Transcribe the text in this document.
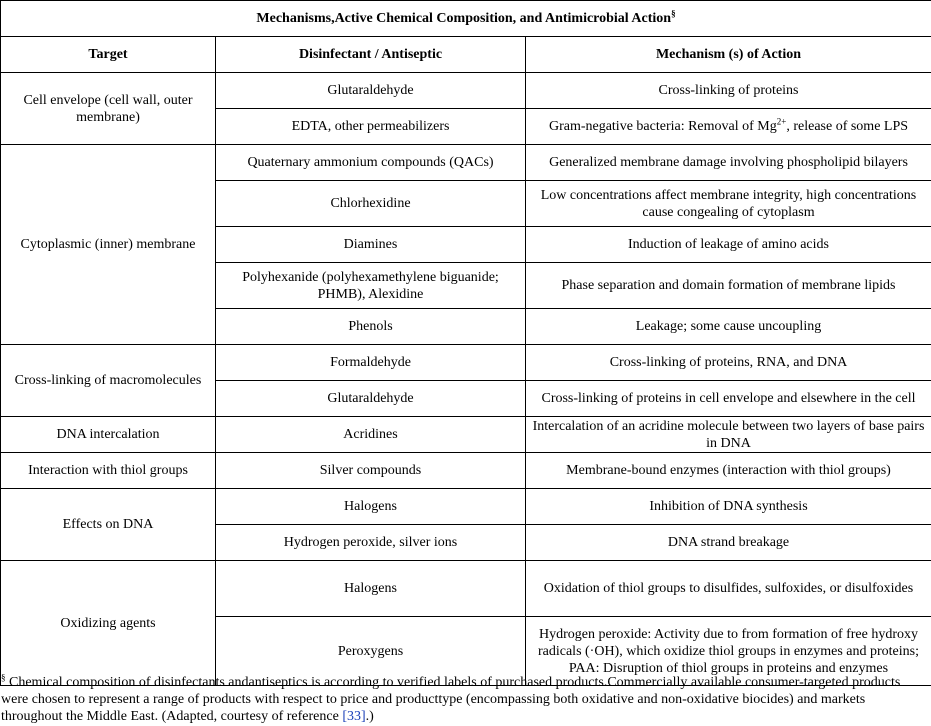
Mechanisms,Active Chemical Composition, and Antimicrobial Action§
Target	Disinfectant / Antiseptic	Mechanism (s) of Action
Cell envelope (cell wall, outer membrane)	Glutaraldehyde	Cross-linking of proteins
	EDTA, other permeabilizers	Gram-negative bacteria: Removal of $Mg^{2+}$, release of some LPS
Cytoplasmic (inner) membrane	Quaternary ammonium compounds (QACs)	Generalized membrane damage involving phospholipid bilayers
	Chlorhexidine	Low concentrations affect membrane integrity, high concentrations cause congealing of cytoplasm
	Diamines	Induction of leakage of amino acids
	Polyhexanide (polyhexamethylene biguanide; PHMB), Alexidine	Phase separation and domain formation of membrane lipids
	Phenols	Leakage; some cause uncoupling
Cross-linking of macromolecules	Formaldehyde	Cross-linking of proteins, RNA, and DNA
	Glutaraldehyde	Cross-linking of proteins in cell envelope and elsewhere in the cell
DNA intercalation	Acridines	Intercalation of an acridine molecule between two layers of base pairs in DNA
Interaction with thiol groups	Silver compounds	Membrane-bound enzymes (interaction with thiol groups)
Effects on DNA	Halogens	Inhibition of DNA synthesis
	Hydrogen peroxide, silver ions	DNA strand breakage
Oxidizing agents	Halogens	Oxidation of thiol groups to disulfides, sulfoxides, or disulfoxides
	Peroxygens	Hydrogen peroxide: Activity due to from formation of free hydroxy radicals (·OH), which oxidize thiol groups in enzymes and proteins; PAA: Disruption of thiol groups in proteins and enzymes
§ Chemical composition of disinfectants andantiseptics is according to verified labels of purchased products.Commercially available consumer-targeted products were chosen to represent a range of products with respect to price and producttype (encompassing both oxidative and non-oxidative biocides) and markets throughout the Middle East. (Adapted, courtesy of reference [33].)
